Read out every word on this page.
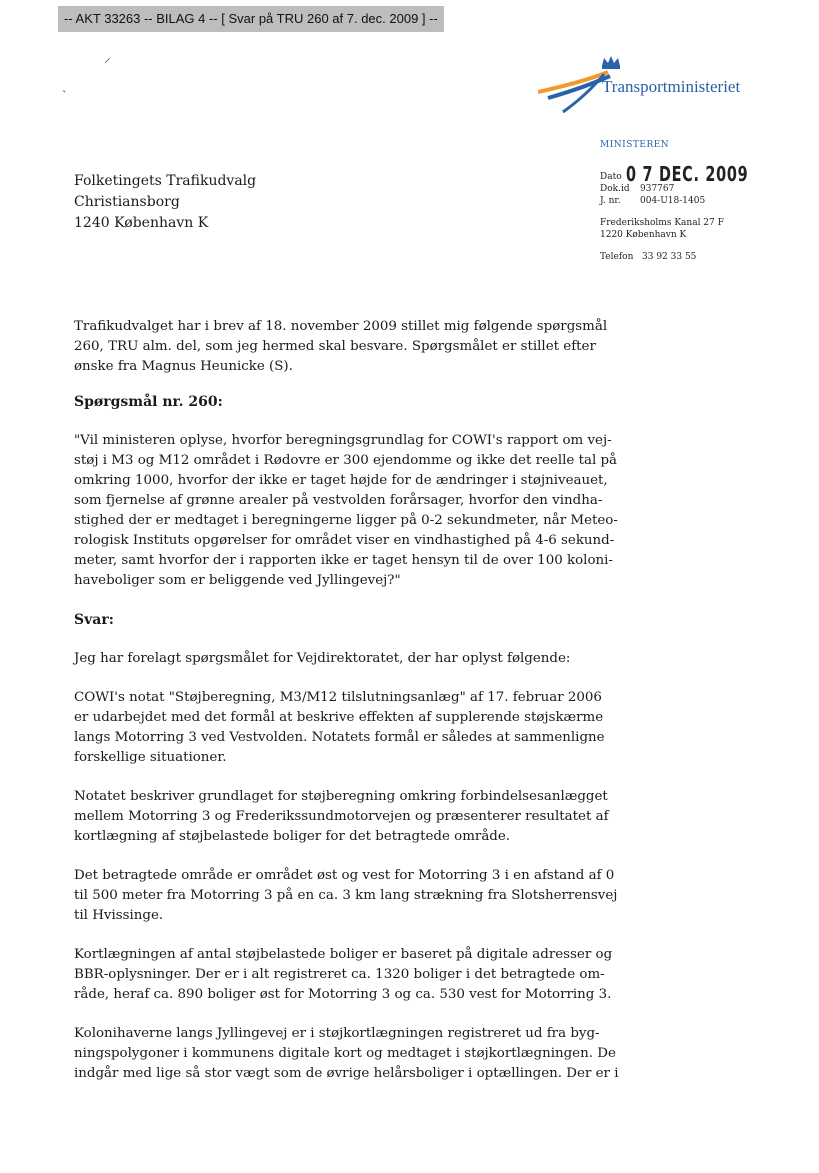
-- AKT 33263 -- BILAG 4 -- [ Svar på TRU 260 af 7. dec. 2009 ] --
⸝
ˏ	Transportministeriet
Folketingets Trafikudvalg
Christiansborg
1240 København K
MINISTEREN
Dato 0 7 DEC. 2009
Dok.id	937767
J. nr.	004-U18-1405
Frederiksholms Kanal 27 F
1220 København K
Telefon 33 92 33 55

Trafikudvalget har i brev af 18. november 2009 stillet mig følgende spørgsmål
260, TRU alm. del, som jeg hermed skal besvare. Spørgsmålet er stillet efter
ønske fra Magnus Heunicke (S).

Spørgsmål nr. 260:

"Vil ministeren oplyse, hvorfor beregningsgrundlag for COWI's rapport om vej-
støj i M3 og M12 området i Rødovre er 300 ejendomme og ikke det reelle tal på
omkring 1000, hvorfor der ikke er taget højde for de ændringer i støjniveauet,
som fjernelse af grønne arealer på vestvolden forårsager, hvorfor den vindha-
stighed der er medtaget i beregningerne ligger på 0-2 sekundmeter, når Meteo-
rologisk Instituts opgørelser for området viser en vindhastighed på 4-6 sekund-
meter, samt hvorfor der i rapporten ikke er taget hensyn til de over 100 koloni-
haveboliger som er beliggende ved Jyllingevej?"

Svar:

Jeg har forelagt spørgsmålet for Vejdirektoratet, der har oplyst følgende:

COWI's notat "Støjberegning, M3/M12 tilslutningsanlæg" af 17. februar 2006
er udarbejdet med det formål at beskrive effekten af supplerende støjskærme
langs Motorring 3 ved Vestvolden. Notatets formål er således at sammenligne
forskellige situationer.

Notatet beskriver grundlaget for støjberegning omkring forbindelsesanlægget
mellem Motorring 3 og Frederikssundmotorvejen og præsenterer resultatet af
kortlægning af støjbelastede boliger for det betragtede område.

Det betragtede område er området øst og vest for Motorring 3 i en afstand af 0
til 500 meter fra Motorring 3 på en ca. 3 km lang strækning fra Slotsherrensvej
til Hvissinge.

Kortlægningen af antal støjbelastede boliger er baseret på digitale adresser og
BBR-oplysninger. Der er i alt registreret ca. 1320 boliger i det betragtede om-
råde, heraf ca. 890 boliger øst for Motorring 3 og ca. 530 vest for Motorring 3.

Kolonihaverne langs Jyllingevej er i støjkortlægningen registreret ud fra byg-
ningspolygoner i kommunens digitale kort og medtaget i støjkortlægningen. De
indgår med lige så stor vægt som de øvrige helårsboliger i optællingen. Der er i
